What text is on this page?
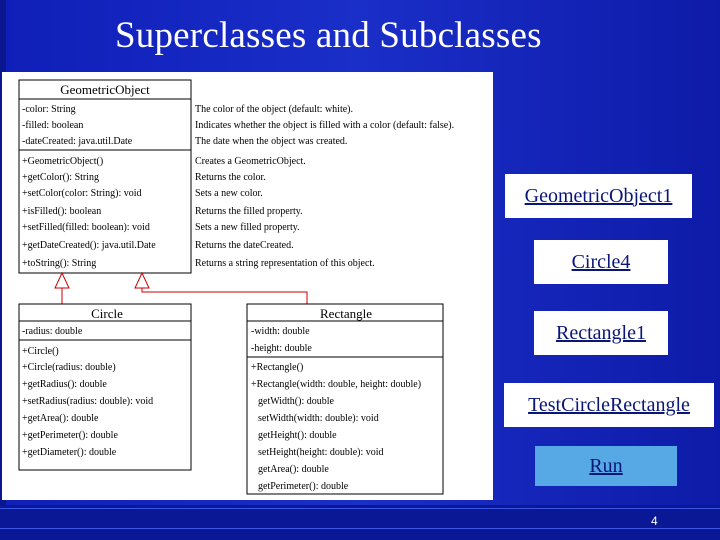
Superclasses and Subclasses
GeometricObject
-color: String
-filled: boolean
-dateCreated: java.util.Date
+GeometricObject()
+getColor(): String
+setColor(color: String): void
+isFilled(): boolean
+setFilled(filled: boolean): void
+getDateCreated(): java.util.Date
+toString(): String
The color of the object (default: white).
Indicates whether the object is filled with a color (default: false).
The date when the object was created.
Creates a GeometricObject.
Returns the color.
Sets a new color.
Returns the filled property.
Sets a new filled property.
Returns the dateCreated.
Returns a string representation of this object.
Circle
-radius: double
+Circle()
+Circle(radius: double)
+getRadius(): double
+setRadius(radius: double): void
+getArea(): double
+getPerimeter(): double
+getDiameter(): double
Rectangle
-width: double
-height: double
+Rectangle()
+Rectangle(width: double, height: double)
getWidth(): double
setWidth(width: double): void
getHeight(): double
setHeight(height: double): void
getArea(): double
getPerimeter(): double
GeometricObject1
Circle4
Rectangle1
TestCircleRectangle
Run
4
